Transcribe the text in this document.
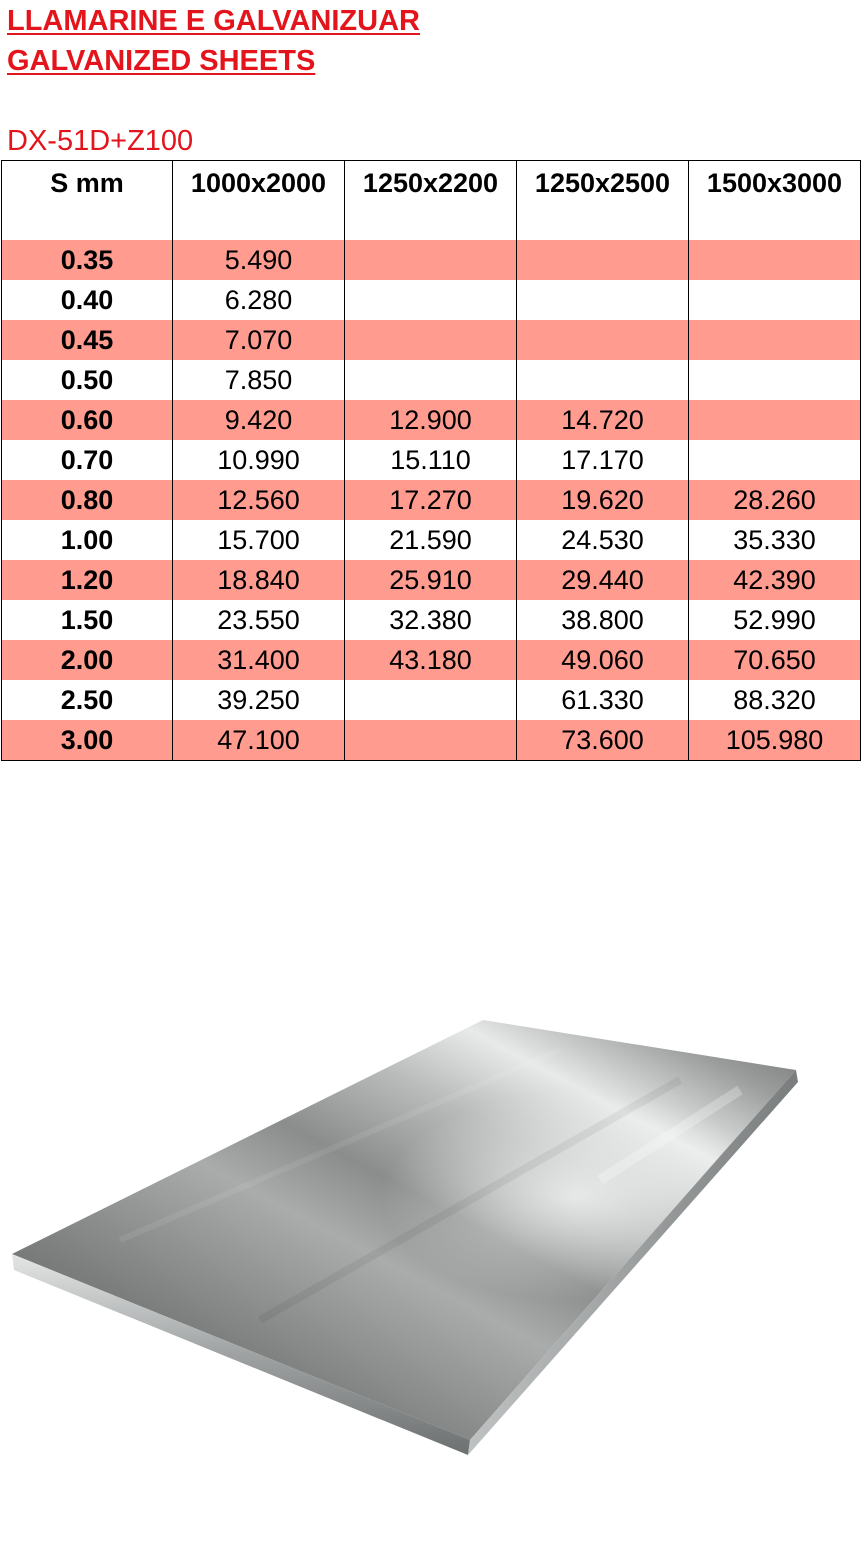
LLAMARINE E GALVANIZUAR
GALVANIZED SHEETS
DX-51D+Z100
S mm	1000x2000	1250x2200	1250x2500	1500x3000
0.35	5.490			
0.40	6.280			
0.45	7.070			
0.50	7.850			
0.60	9.420	12.900	14.720	
0.70	10.990	15.110	17.170	
0.80	12.560	17.270	19.620	28.260
1.00	15.700	21.590	24.530	35.330
1.20	18.840	25.910	29.440	42.390
1.50	23.550	32.380	38.800	52.990
2.00	31.400	43.180	49.060	70.650
2.50	39.250		61.330	88.320
3.00	47.100		73.600	105.980
